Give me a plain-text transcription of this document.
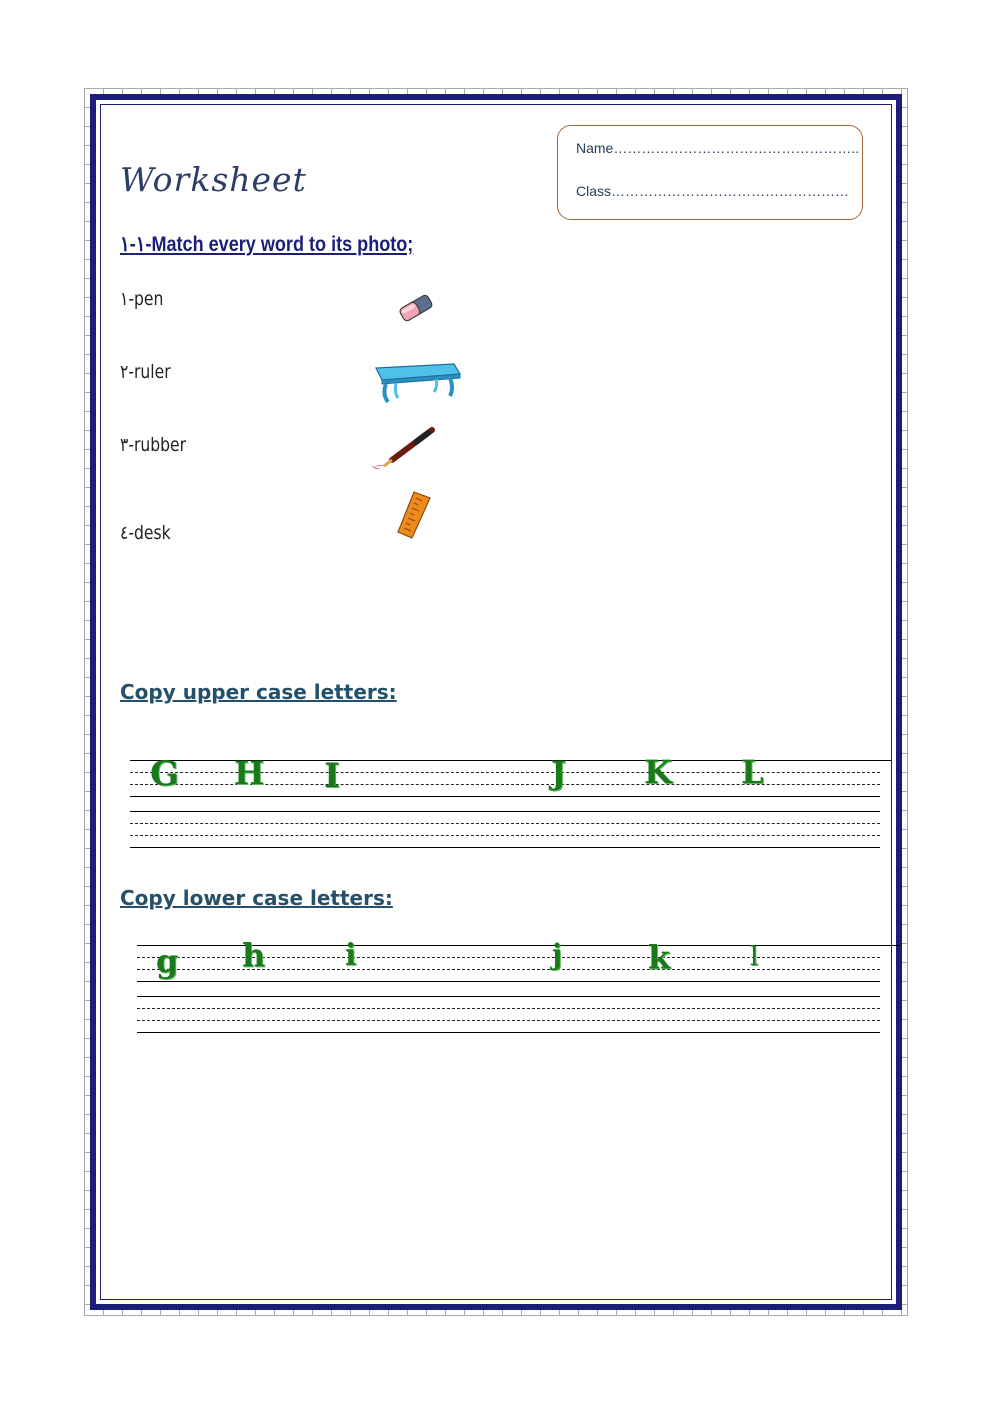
Worksheet
Name……………………………………………..
Class……………………………………………
١-١-Match every word to its photo;
١-pen
٢-ruler
٣-rubber
٤-desk
Copy upper case letters:
G H I	J K L
Copy lower case letters:
g h	i	j	k	l
